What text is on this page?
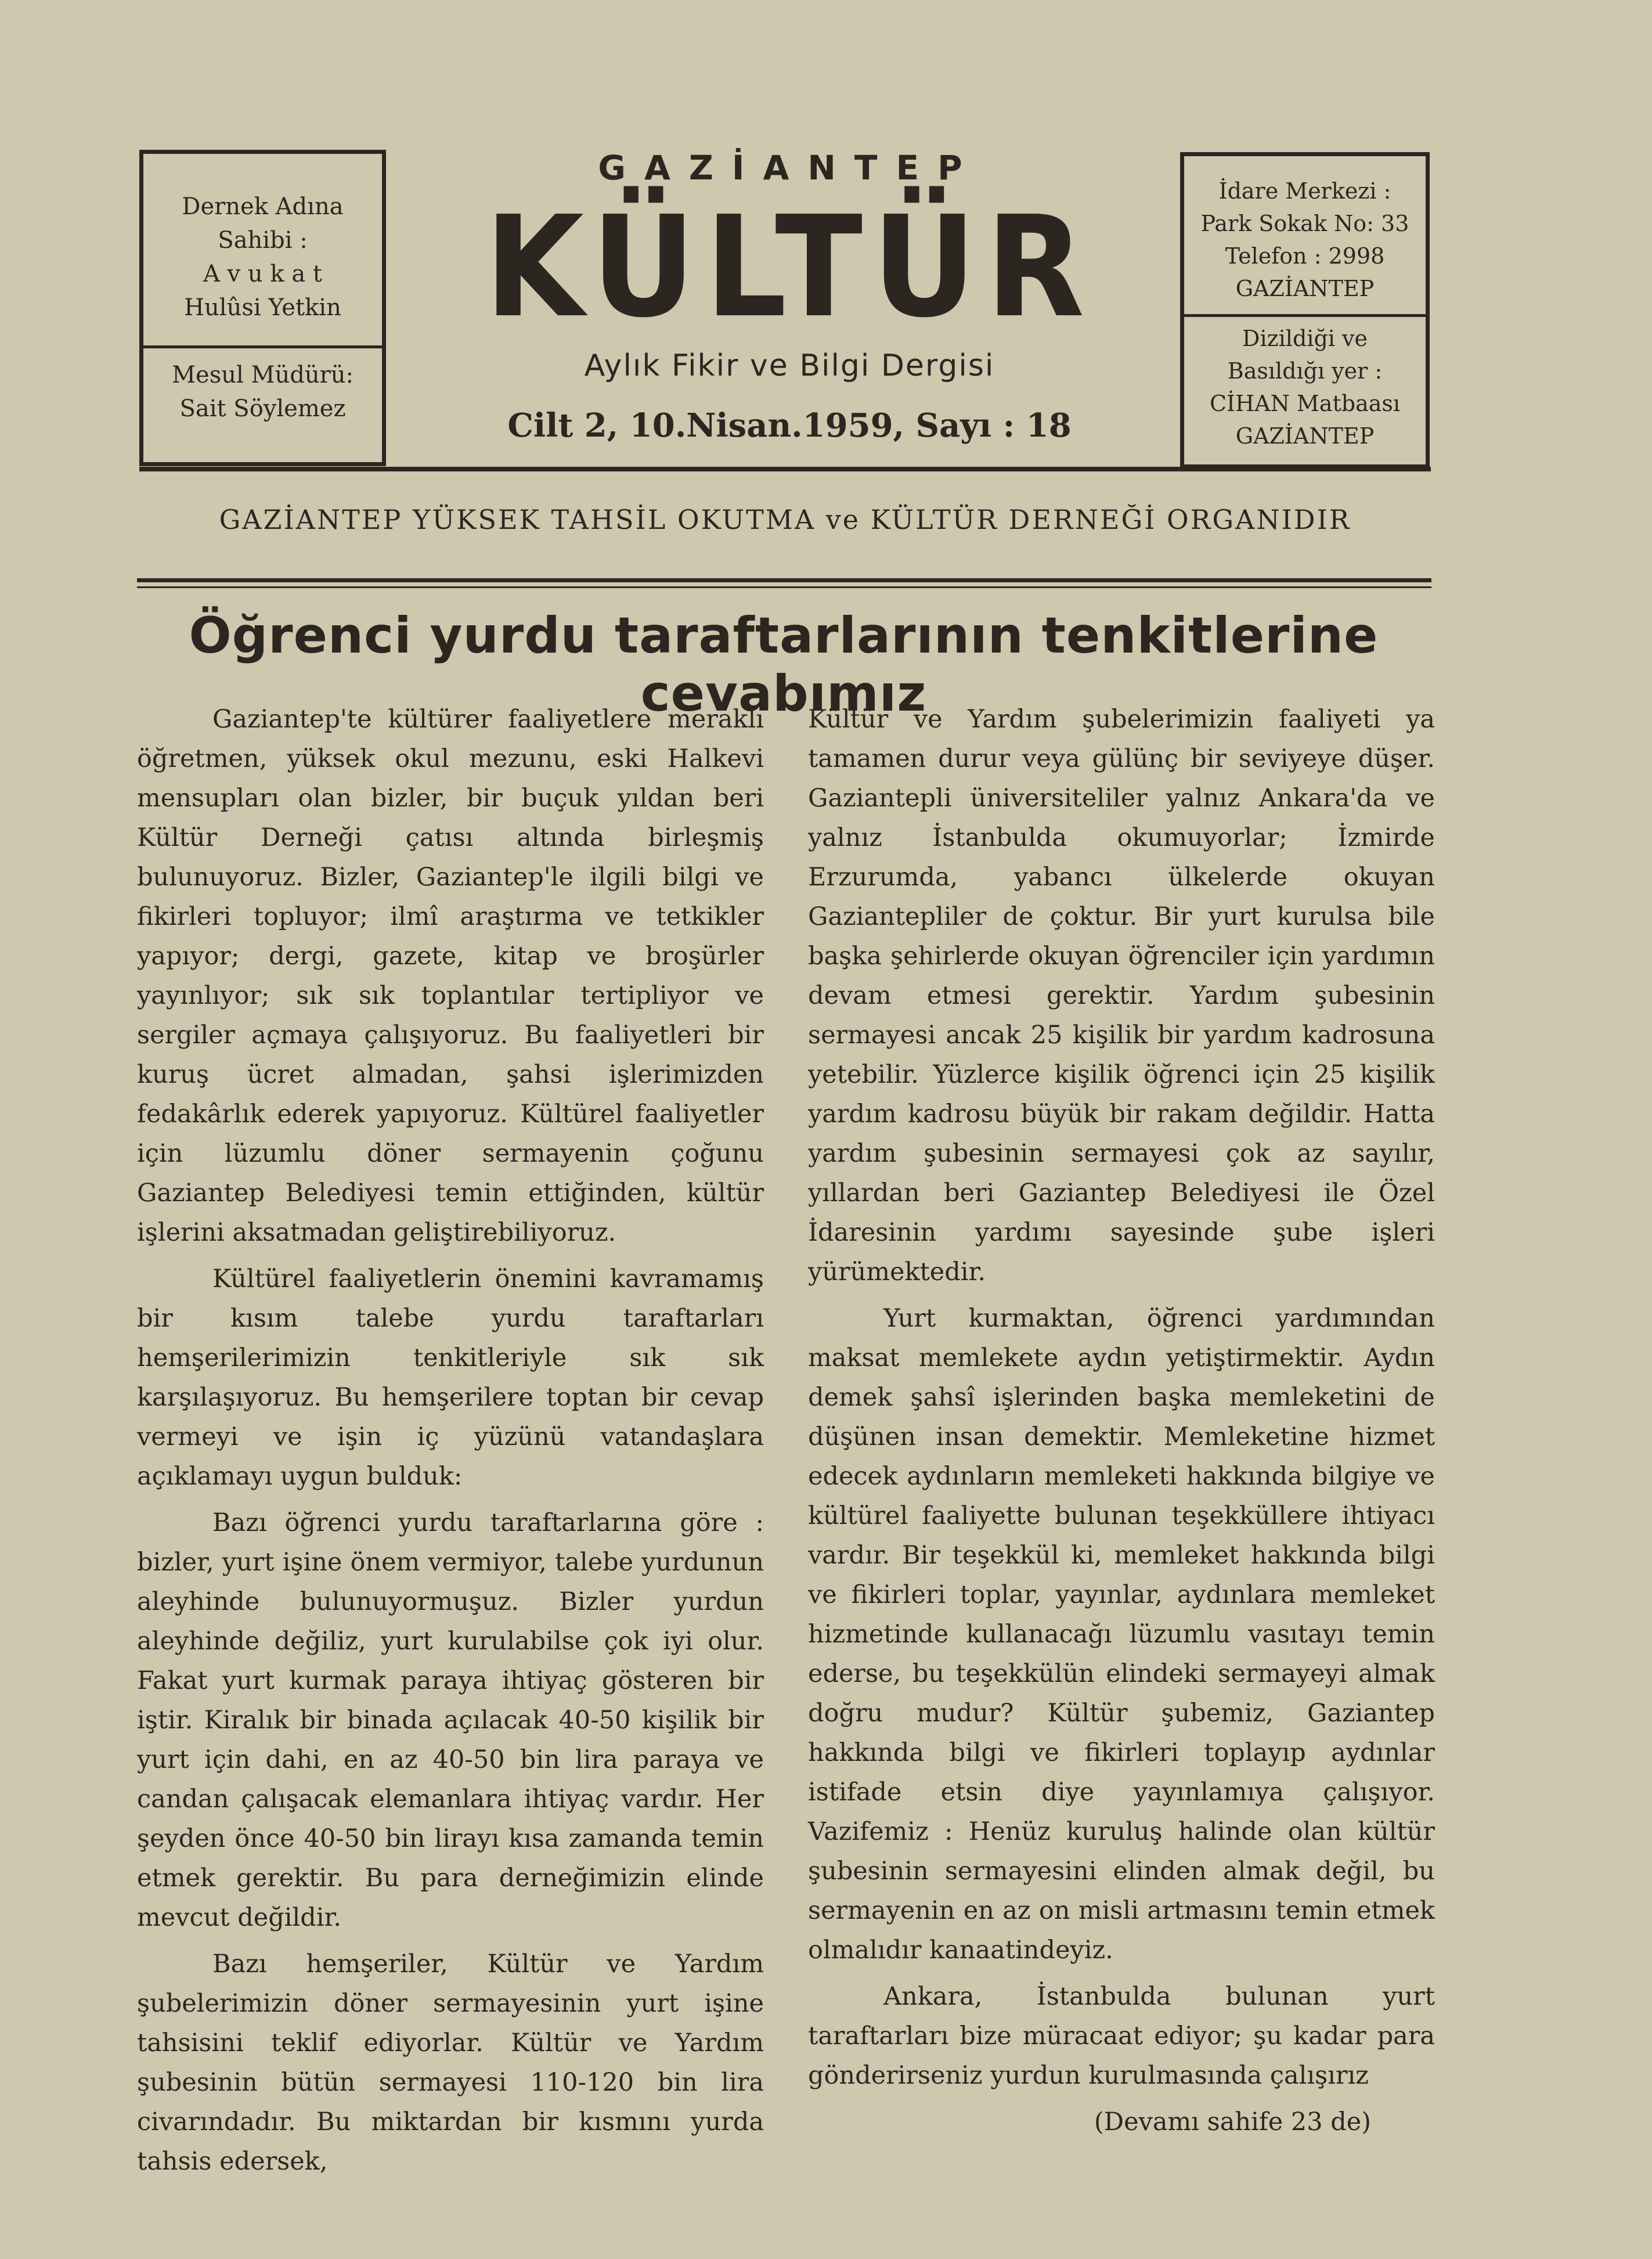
Dernek Adına
Sahibi :
A v u k a t
Hulûsi Yetkin
Mesul Müdürü:
Sait Söylemez
GAZİANTEP
KÜLTÜR
Aylık Fikir ve Bilgi Dergisi
Cilt 2, 10.Nisan.1959, Sayı : 18
İdare Merkezi :
Park Sokak No: 33
Telefon : 2998
GAZİANTEP
Dizildiği ve
Basıldığı yer :
CİHAN Matbaası
GAZİANTEP
GAZİANTEP YÜKSEK TAHSİL OKUTMA ve KÜLTÜR DERNEĞİ ORGANIDIR
Öğrenci yurdu taraftarlarının tenkitlerine cevabımız

Gaziantep'te kültürer faaliyetlere meraklı öğretmen, yüksek okul mezunu, eski Halkevi mensupları olan bizler, bir buçuk yıldan beri Kültür Derneği çatısı altında birleşmiş bulunuyoruz. Bizler, Gaziantep'le ilgili bilgi ve fikirleri topluyor; ilmî araştırma ve tetkikler yapıyor; dergi, gazete, kitap ve broşürler yayınlıyor; sık sık toplantılar tertipliyor ve sergiler açmaya çalışıyoruz. Bu faaliyetleri bir kuruş ücret almadan, şahsi işlerimizden fedakârlık ederek yapıyoruz. Kültürel faaliyetler için lüzumlu döner sermayenin çoğunu Gaziantep Belediyesi temin ettiğinden, kültür işlerini aksatmadan geliştirebiliyoruz.

Kültürel faaliyetlerin önemini kavramamış bir kısım talebe yurdu taraftarları hemşerilerimizin tenkitleriyle sık sık karşılaşıyoruz. Bu hemşerilere toptan bir cevap vermeyi ve işin iç yüzünü vatandaşlara açıklamayı uygun bulduk:

Bazı öğrenci yurdu taraftarlarına göre : bizler, yurt işine önem vermiyor, talebe yurdunun aleyhinde bulunuyormuşuz. Bizler yurdun aleyhinde değiliz, yurt kurulabilse çok iyi olur. Fakat yurt kurmak paraya ihtiyaç gösteren bir iştir. Kiralık bir binada açılacak 40-50 kişilik bir yurt için dahi, en az 40-50 bin lira paraya ve candan çalışacak elemanlara ihtiyaç vardır. Her şeyden önce 40-50 bin lirayı kısa zamanda temin etmek gerektir. Bu para derneğimizin elinde mevcut değildir.

Bazı hemşeriler, Kültür ve Yardım şubelerimizin döner sermayesinin yurt işine tahsisini teklif ediyorlar. Kültür ve Yardım şubesinin bütün sermayesi 110-120 bin lira civarındadır. Bu miktardan bir kısmını yurda tahsis edersek,

Kültür ve Yardım şubelerimizin faaliyeti ya tamamen durur veya gülünç bir seviyeye düşer. Gaziantepli üniversiteliler yalnız Ankara'da ve yalnız İstanbulda okumuyorlar; İzmirde Erzurumda, yabancı ülkelerde okuyan Gaziantepliler de çoktur. Bir yurt kurulsa bile başka şehirlerde okuyan öğrenciler için yardımın devam etmesi gerektir. Yardım şubesinin sermayesi ancak 25 kişilik bir yardım kadrosuna yetebilir. Yüzlerce kişilik öğrenci için 25 kişilik yardım kadrosu büyük bir rakam değildir. Hatta yardım şubesinin sermayesi çok az sayılır, yıllardan beri Gaziantep Belediyesi ile Özel İdaresinin yardımı sayesinde şube işleri yürümektedir.

Yurt kurmaktan, öğrenci yardımından maksat memlekete aydın yetiştirmektir. Aydın demek şahsî işlerinden başka memleketini de düşünen insan demektir. Memleketine hizmet edecek aydınların memleketi hakkında bilgiye ve kültürel faaliyette bulunan teşekküllere ihtiyacı vardır. Bir teşekkül ki, memleket hakkında bilgi ve fikirleri toplar, yayınlar, aydınlara memleket hizmetinde kullanacağı lüzumlu vasıtayı temin ederse, bu teşekkülün elindeki sermayeyi almak doğru mudur? Kültür şubemiz, Gaziantep hakkında bilgi ve fikirleri toplayıp aydınlar istifade etsin diye yayınlamıya çalışıyor. Vazifemiz : Henüz kuruluş halinde olan kültür şubesinin sermayesini elinden almak değil, bu sermayenin en az on misli artmasını temin etmek olmalıdır kanaatindeyiz.

Ankara, İstanbulda bulunan yurt taraftarları bize müracaat ediyor; şu kadar para gönderirseniz yurdun kurulmasında çalışırız

(Devamı sahife 23 de)
